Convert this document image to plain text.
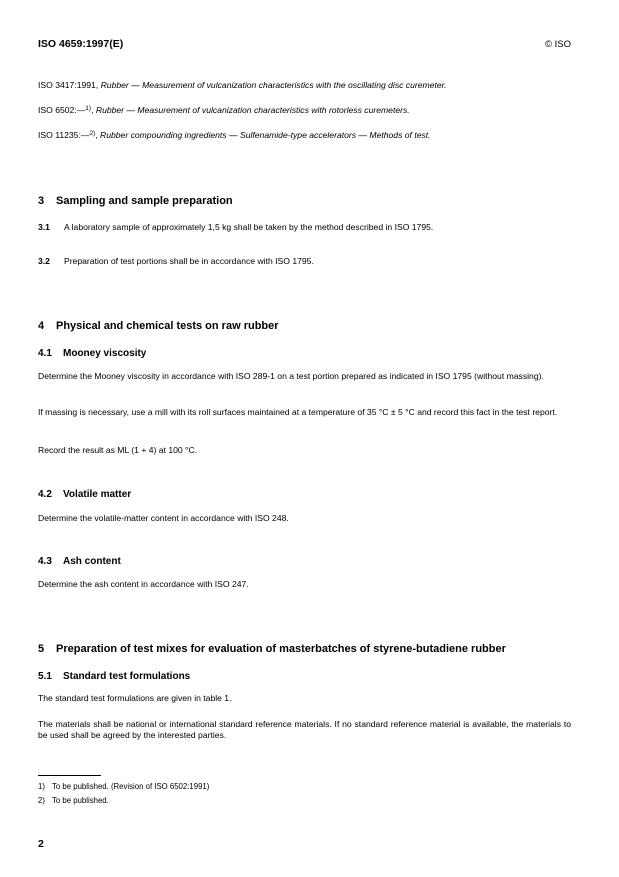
ISO 4659:1997(E)	© ISO
ISO 3417:1991, Rubber — Measurement of vulcanization characteristics with the oscillating disc curemeter.
ISO 6502:—$^{1)}$, Rubber — Measurement of vulcanization characteristics with rotorless curemeters.
ISO 11235:—$^{2)}$, Rubber compounding ingredients — Sulfenamide-type accelerators — Methods of test.
3 Sampling and sample preparation
3.1 A laboratory sample of approximately 1,5 kg shall be taken by the method described in ISO 1795.
3.2 Preparation of test portions shall be in accordance with ISO 1795.
4 Physical and chemical tests on raw rubber
4.1 Mooney viscosity
Determine the Mooney viscosity in accordance with ISO 289-1 on a test portion prepared as indicated in ISO 1795 (without massing).
If massing is necessary, use a mill with its roll surfaces maintained at a temperature of 35 °C ± 5 °C and record this fact in the test report.
Record the result as ML (1 + 4) at 100 °C.
4.2 Volatile matter
Determine the volatile-matter content in accordance with ISO 248.
4.3 Ash content
Determine the ash content in accordance with ISO 247.
5 Preparation of test mixes for evaluation of masterbatches of styrene-butadiene rubber
5.1 Standard test formulations
The standard test formulations are given in table 1.
The materials shall be national or international standard reference materials. If no standard reference material is available, the materials to be used shall be agreed by the interested parties.
1) To be published. (Revision of ISO 6502:1991)
2) To be published.
2
